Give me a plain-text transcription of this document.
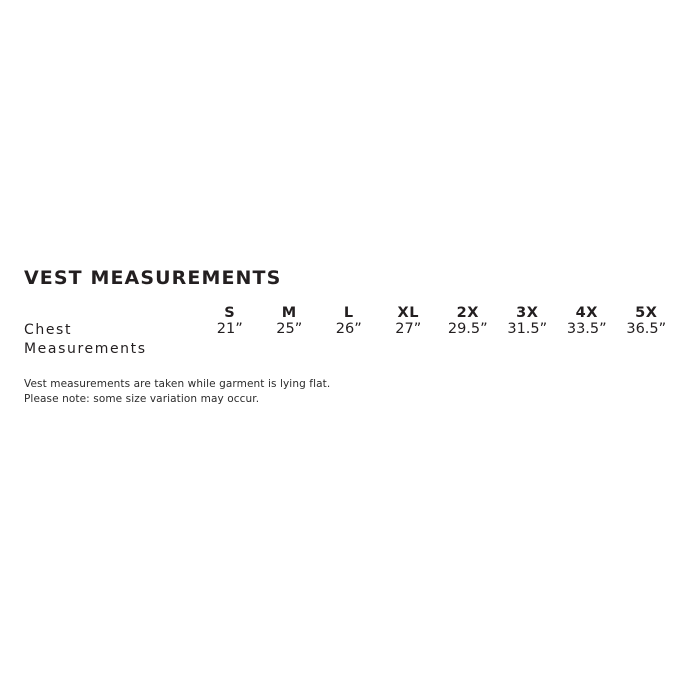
VEST MEASUREMENTS
	S	M	L	XL	2X	3X	4X	5X

Chest
Measurements	21”	25”	26”	27”	29.5”	31.5”	33.5”	36.5”
Vest measurements are taken while garment is lying flat.
Please note: some size variation may occur.
